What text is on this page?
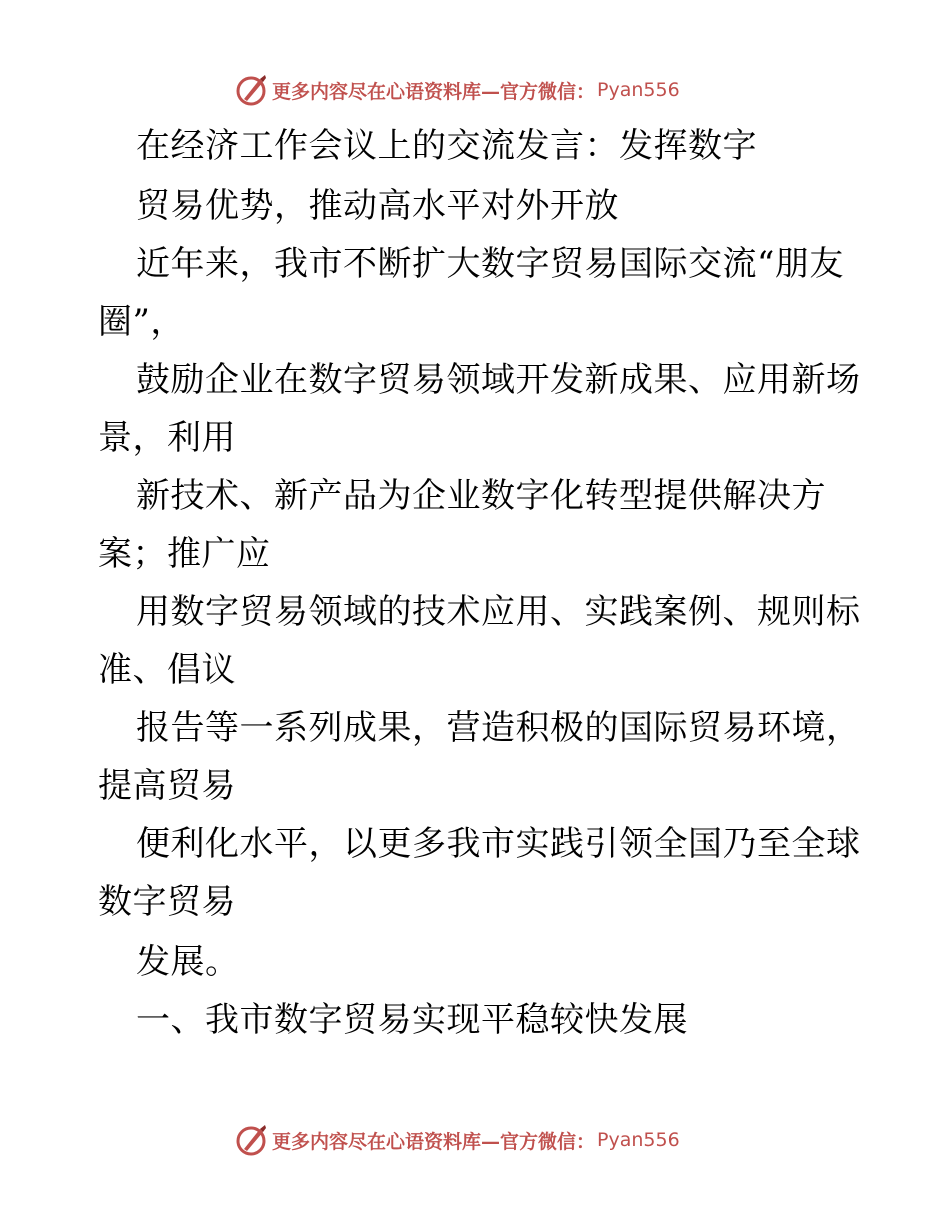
更多内容尽在心语资料库—官方微信： Pyan556
在经济工作会议上的交流发言：发挥数字
贸易优势，推动高水平对外开放
近年来，我市不断扩大数字贸易国际交流“朋友
圈”，
鼓励企业在数字贸易领域开发新成果、应用新场
景，利用
新技术、新产品为企业数字化转型提供解决方
案；推广应
用数字贸易领域的技术应用、实践案例、规则标
准、倡议
报告等一系列成果，营造积极的国际贸易环境，
提高贸易
便利化水平，以更多我市实践引领全国乃至全球
数字贸易
发展。
一、我市数字贸易实现平稳较快发展
更多内容尽在心语资料库—官方微信： Pyan556
